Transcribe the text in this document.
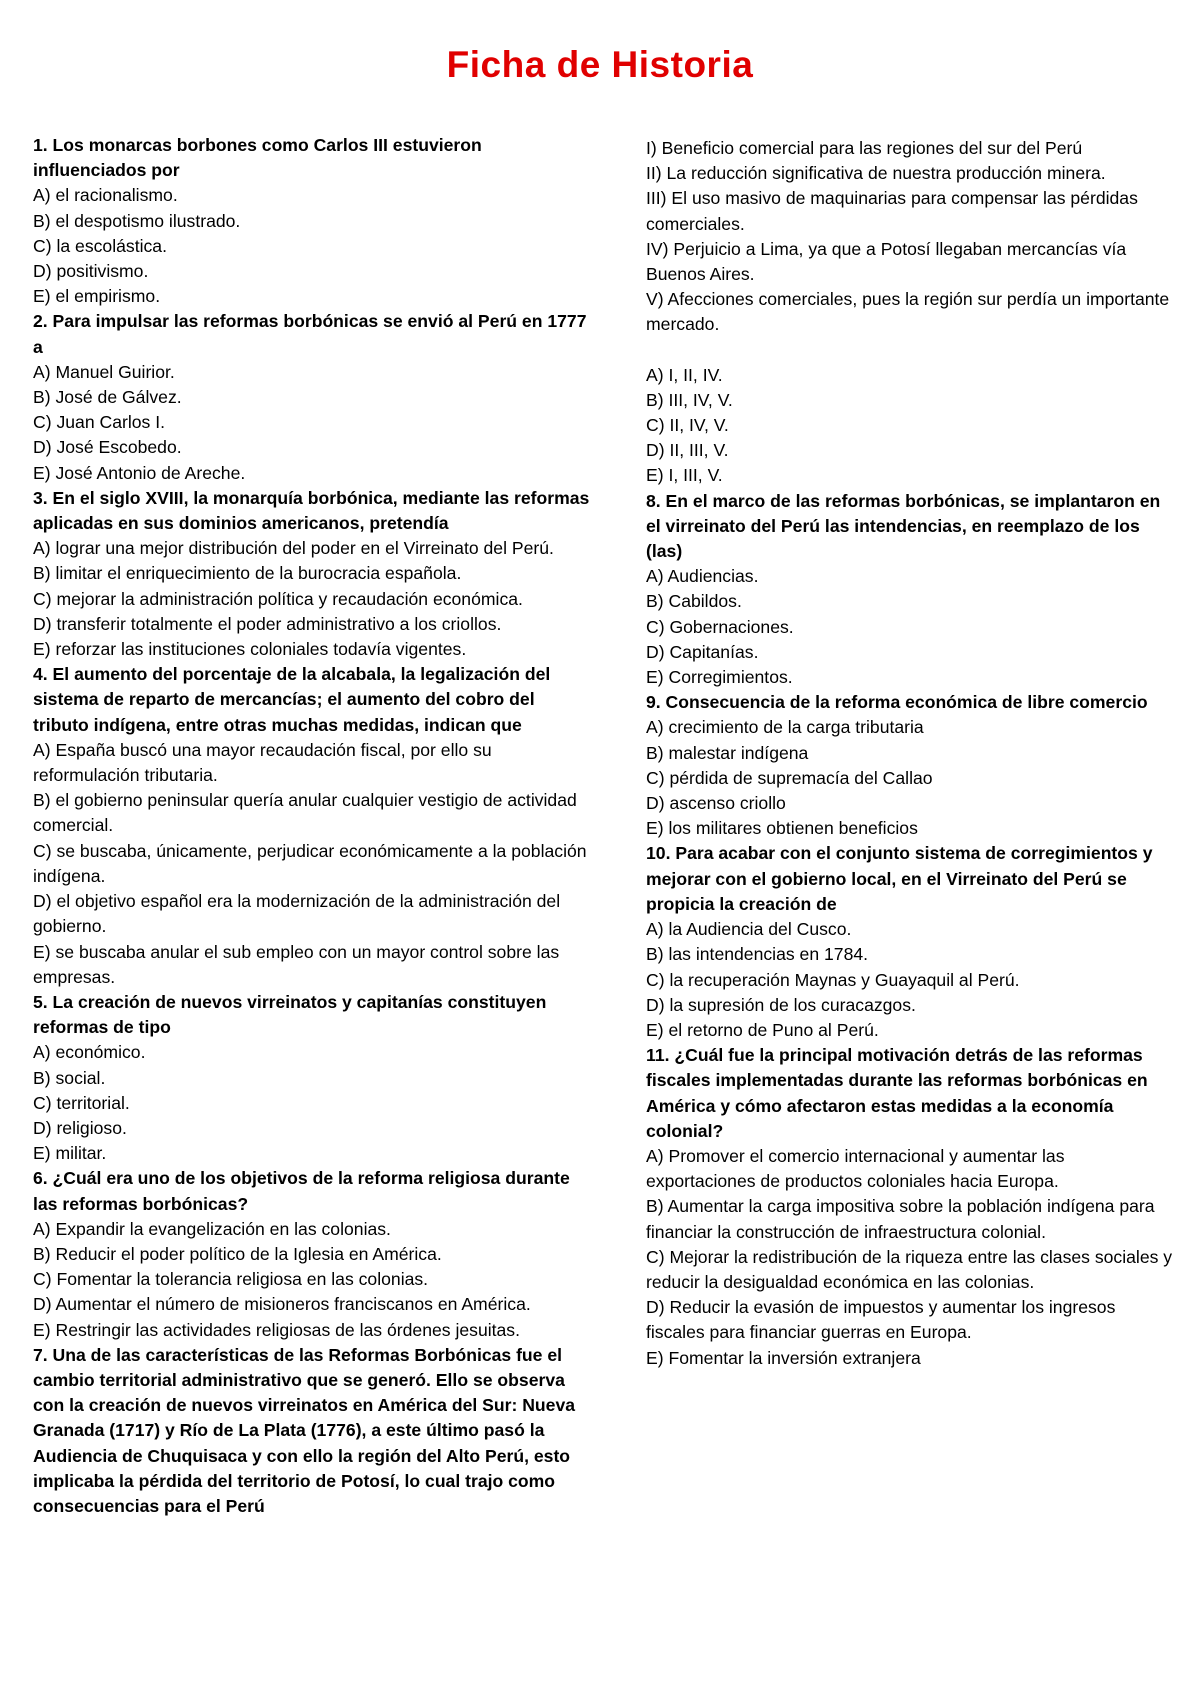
Ficha de Historia
1. Los monarcas borbones como Carlos III estuvieron influenciados por
A) el racionalismo.
B) el despotismo ilustrado.
C) la escolástica.
D) positivismo.
E) el empirismo.
2. Para impulsar las reformas borbónicas se envió al Perú en 1777 a
A) Manuel Guirior.
B) José de Gálvez.
C) Juan Carlos I.
D) José Escobedo.
E) José Antonio de Areche.
3. En el siglo XVIII, la monarquía borbónica, mediante las reformas aplicadas en sus dominios americanos, pretendía
A) lograr una mejor distribución del poder en el Virreinato del Perú.
B) limitar el enriquecimiento de la burocracia española.
C) mejorar la administración política y recaudación económica.
D) transferir totalmente el poder administrativo a los criollos.
E) reforzar las instituciones coloniales todavía vigentes.
4. El aumento del porcentaje de la alcabala, la legalización del sistema de reparto de mercancías; el aumento del cobro del tributo indígena, entre otras muchas medidas, indican que
A) España buscó una mayor recaudación fiscal, por ello su reformulación tributaria.
B) el gobierno peninsular quería anular cualquier vestigio de actividad comercial.
C) se buscaba, únicamente, perjudicar económicamente a la población indígena.
D) el objetivo español era la modernización de la administración del gobierno.
E) se buscaba anular el sub empleo con un mayor control sobre las empresas.
5. La creación de nuevos virreinatos y capitanías constituyen reformas de tipo
A) económico.
B) social.
C) territorial.
D) religioso.
E) militar.
6. ¿Cuál era uno de los objetivos de la reforma religiosa durante las reformas borbónicas?
A) Expandir la evangelización en las colonias.
B) Reducir el poder político de la Iglesia en América.
C) Fomentar la tolerancia religiosa en las colonias.
D) Aumentar el número de misioneros franciscanos en América.
E) Restringir las actividades religiosas de las órdenes jesuitas.
7. Una de las características de las Reformas Borbónicas fue el cambio territorial administrativo que se generó. Ello se observa con la creación de nuevos virreinatos en América del Sur: Nueva Granada (1717) y Río de La Plata (1776), a este último pasó la Audiencia de Chuquisaca y con ello la región del Alto Perú, esto implicaba la pérdida del territorio de Potosí, lo cual trajo como consecuencias para el Perú
I) Beneficio comercial para las regiones del sur del Perú
II) La reducción significativa de nuestra producción minera.
III) El uso masivo de maquinarias para compensar las pérdidas comerciales.
IV) Perjuicio a Lima, ya que a Potosí llegaban mercancías vía Buenos Aires.
V) Afecciones comerciales, pues la región sur perdía un importante mercado.
A) I, II, IV.
B) III, IV, V.
C) II, IV, V.
D) II, III, V.
E) I, III, V.
8. En el marco de las reformas borbónicas, se implantaron en el virreinato del Perú las intendencias, en reemplazo de los (las)
A) Audiencias.
B) Cabildos.
C) Gobernaciones.
D) Capitanías.
E) Corregimientos.
9. Consecuencia de la reforma económica de libre comercio
A) crecimiento de la carga tributaria
B) malestar indígena
C) pérdida de supremacía del Callao
D) ascenso criollo
E) los militares obtienen beneficios
10. Para acabar con el conjunto sistema de corregimientos y mejorar con el gobierno local, en el Virreinato del Perú se propicia la creación de
A) la Audiencia del Cusco.
B) las intendencias en 1784.
C) la recuperación Maynas y Guayaquil al Perú.
D) la supresión de los curacazgos.
E) el retorno de Puno al Perú.
11. ¿Cuál fue la principal motivación detrás de las reformas fiscales implementadas durante las reformas borbónicas en América y cómo afectaron estas medidas a la economía colonial?
A) Promover el comercio internacional y aumentar las exportaciones de productos coloniales hacia Europa.
B) Aumentar la carga impositiva sobre la población indígena para financiar la construcción de infraestructura colonial.
C) Mejorar la redistribución de la riqueza entre las clases sociales y reducir la desigualdad económica en las colonias.
D) Reducir la evasión de impuestos y aumentar los ingresos fiscales para financiar guerras en Europa.
E) Fomentar la inversión extranjera
